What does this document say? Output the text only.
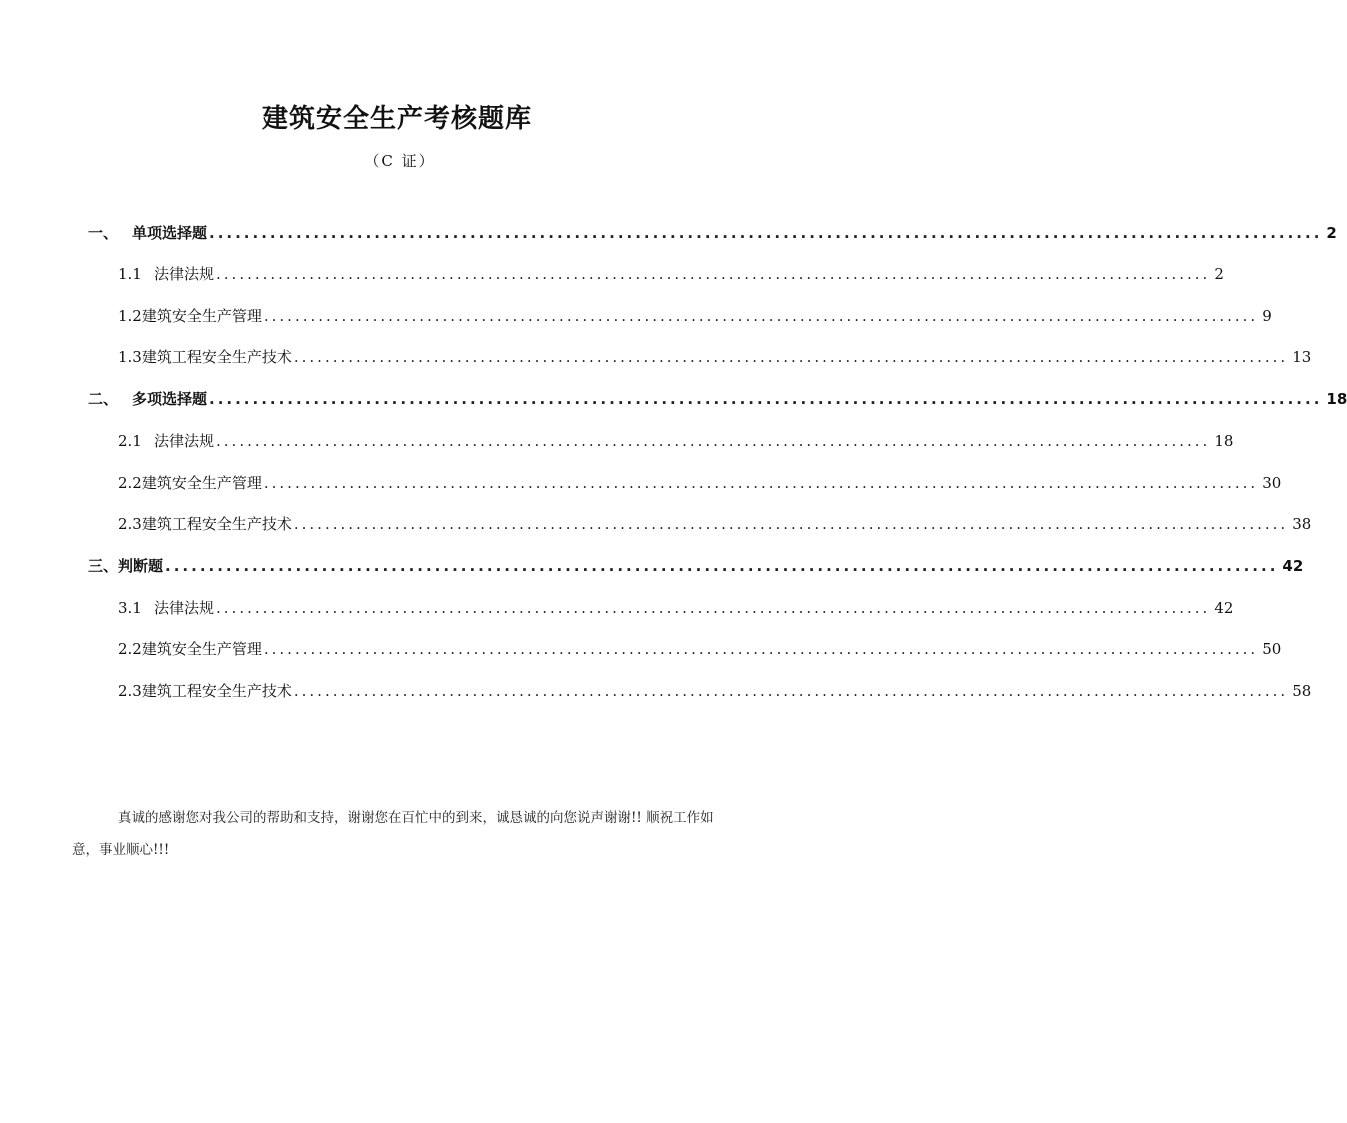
建筑安全生产考核题库
（C 证）
一、 单项选择题 ................................................................................................................................ 2
1.1 法律法规 ................................................................................................................................ 2
1.2建筑安全生产管理 ................................................................................................................................ 9
1.3建筑工程安全生产技术 ................................................................................................................................ 13
二、 多项选择题 ................................................................................................................................ 18
2.1 法律法规 ................................................................................................................................ 18
2.2建筑安全生产管理 ................................................................................................................................ 30
2.3建筑工程安全生产技术 ................................................................................................................................ 38
三、判断题 ................................................................................................................................ 42
3.1 法律法规 ................................................................................................................................ 42
2.2建筑安全生产管理 ................................................................................................................................ 50
2.3建筑工程安全生产技术 ................................................................................................................................ 58

真诚的感谢您对我公司的帮助和支持，谢谢您在百忙中的到来，诚恳诚的向您说声谢谢!! 顺祝工作如意，事业顺心!!!
